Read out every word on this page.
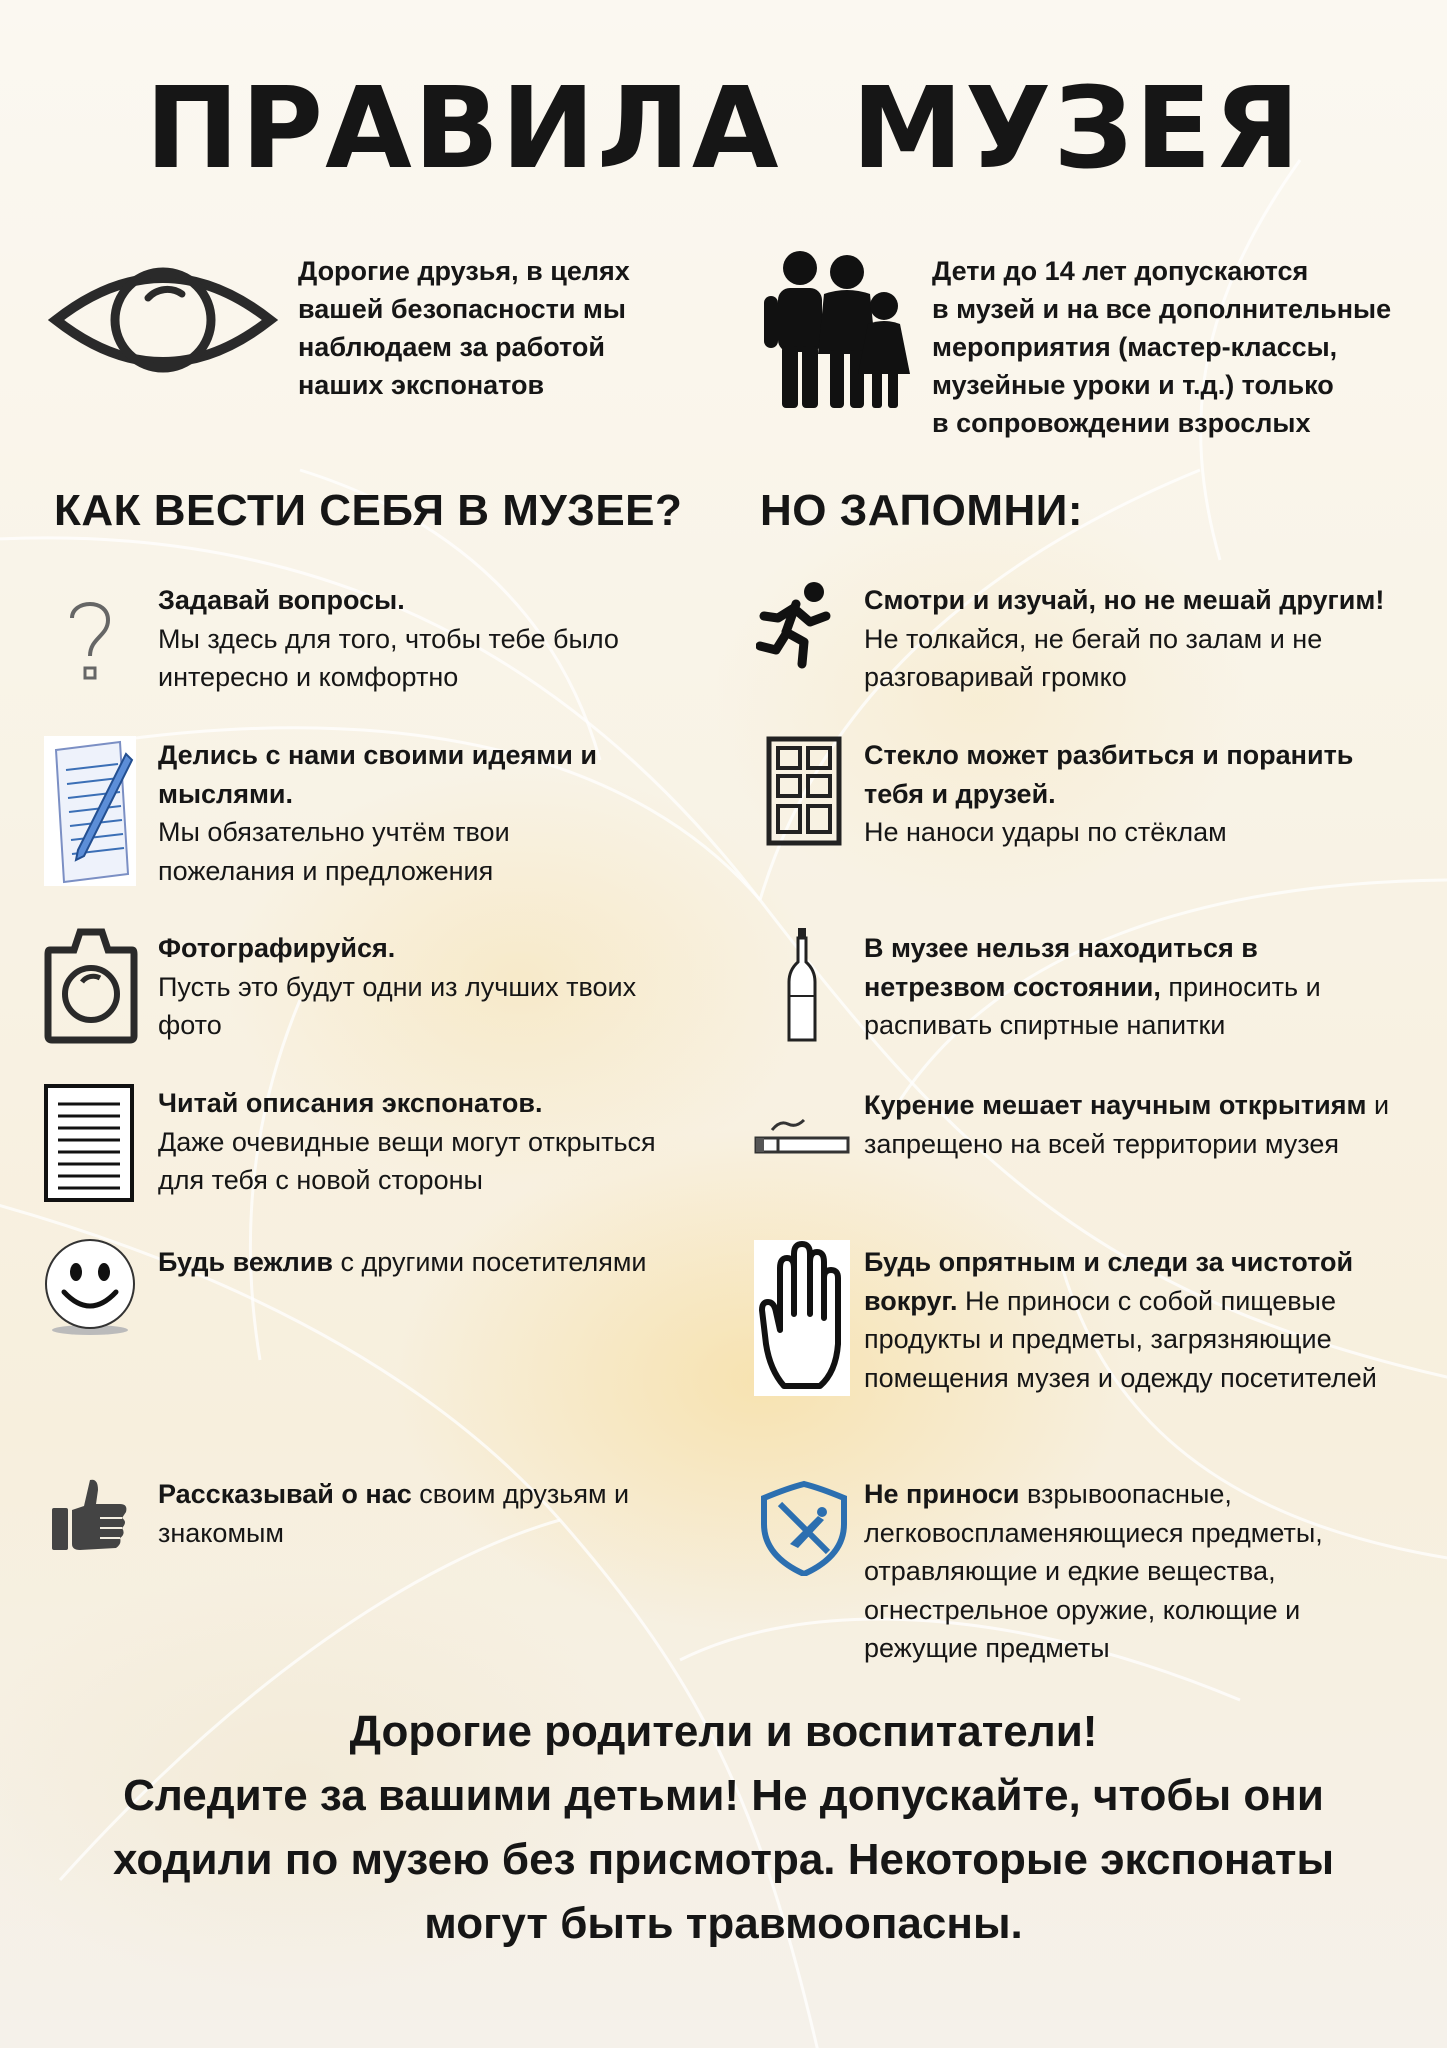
ПРАВИЛА МУЗЕЯ
Дорогие друзья, в целях
вашей безопасности мы
наблюдаем за работой
наших экспонатов
Дети до 14 лет допускаются
в музей и на все дополнительные
мероприятия (мастер-классы,
музейные уроки и т.д.) только
в сопровождении взрослых
КАК ВЕСТИ СЕБЯ В МУЗЕЕ? НО ЗАПОМНИ:
Задавай вопросы.
Мы здесь для того, чтобы тебе было интересно и комфортно
Делись с нами своими идеями и мыслями.
Мы обязательно учтём твои пожелания и предложения
Фотографируйся.
Пусть это будут одни из лучших твоих фото
Читай описания экспонатов.
Даже очевидные вещи могут открыться для тебя с новой стороны
Будь вежлив с другими посетителями
Рассказывай о нас своим друзьям и знакомым
Смотри и изучай, но не мешай другим!
Не толкайся, не бегай по залам и не разговаривай громко
Стекло может разбиться и поранить тебя и друзей.
Не наноси удары по стёклам
В музее нельзя находиться в нетрезвом состоянии, приносить и распивать спиртные напитки
Курение мешает научным открытиям и запрещено на всей территории музея
Будь опрятным и следи за чистотой вокруг. Не приноси с собой пищевые продукты и предметы, загрязняющие помещения музея и одежду посетителей
Не приноси взрывоопасные, легковоспламеняющиеся предметы, отравляющие и едкие вещества, огнестрельное оружие, колющие и режущие предметы
Дорогие родители и воспитатели!
Следите за вашими детьми! Не допускайте, чтобы они
ходили по музею без присмотра. Некоторые экспонаты
могут быть травмоопасны.
